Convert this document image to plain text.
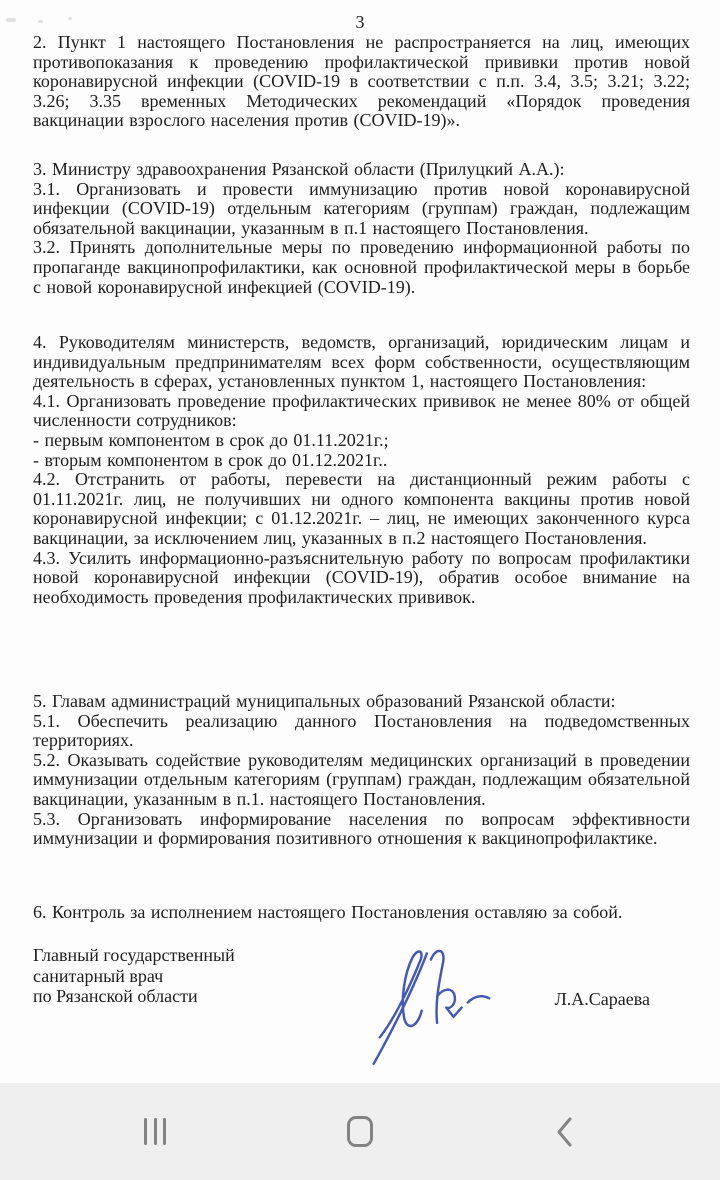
3

2. Пункт 1 настоящего Постановления не распространяется на лиц, имеющих противопоказания к проведению профилактической прививки против новой коронавирусной инфекции (COVID-19 в соответствии с п.п. 3.4, 3.5; 3.21; 3.22; 3.26; 3.35 временных Методических рекомендаций «Порядок проведения вакцинации взрослого населения против (COVID-19)».

3. Министру здравоохранения Рязанской области (Прилуцкий А.А.):

3.1. Организовать и провести иммунизацию против новой коронавирусной инфекции (COVID-19) отдельным категориям (группам) граждан, подлежащим обязательной вакцинации, указанным в п.1 настоящего Постановления.

3.2. Принять дополнительные меры по проведению информационной работы по пропаганде вакцинопрофилактики, как основной профилактической меры в борьбе с новой коронавирусной инфекцией (COVID-19).

4. Руководителям министерств, ведомств, организаций, юридическим лицам и индивидуальным предпринимателям всех форм собственности, осуществляющим деятельность в сферах, установленных пунктом 1, настоящего Постановления:

4.1. Организовать проведение профилактических прививок не менее 80% от общей численности сотрудников:

- первым компонентом в срок до 01.11.2021г.;

- вторым компонентом в срок до 01.12.2021г..

4.2. Отстранить от работы, перевести на дистанционный режим работы с 01.11.2021г. лиц, не получивших ни одного компонента вакцины против новой коронавирусной инфекции; с 01.12.2021г. – лиц, не имеющих законченного курса вакцинации, за исключением лиц, указанных в п.2 настоящего Постановления.

4.3. Усилить информационно-разъяснительную работу по вопросам профилактики новой коронавирусной инфекции (COVID-19), обратив особое внимание на необходимость проведения профилактических прививок.

5. Главам администраций муниципальных образований Рязанской области:

5.1. Обеспечить реализацию данного Постановления на подведомственных территориях.

5.2. Оказывать содействие руководителям медицинских организаций в проведении иммунизации отдельным категориям (группам) граждан, подлежащим обязательной вакцинации, указанным в п.1. настоящего Постановления.

5.3. Организовать информирование населения по вопросам эффективности иммунизации и формирования позитивного отношения к вакцинопрофилактике.

6. Контроль за исполнением настоящего Постановления оставляю за собой.

Главный государственный
санитарный врач
по Рязанской области	Л.А.Сараева
